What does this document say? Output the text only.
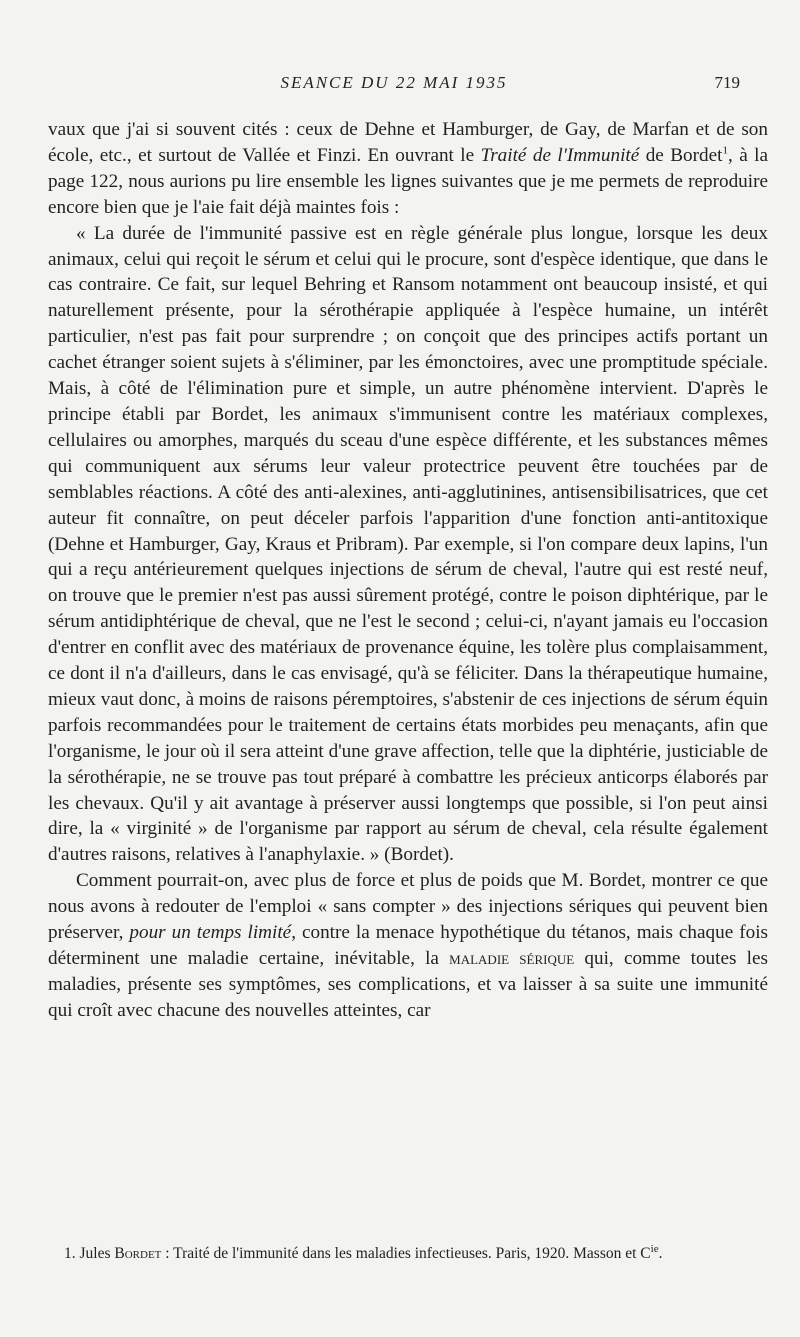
SEANCE DU 22 MAI 1935	719

vaux que j'ai si souvent cités : ceux de Dehne et Hamburger, de Gay, de Marfan et de son école, etc., et surtout de Vallée et Finzi. En ouvrant le Traité de l'Immunité de Bordet$^1$, à la page 122, nous aurions pu lire ensemble les lignes suivantes que je me permets de reproduire encore bien que je l'aie fait déjà maintes fois :

« La durée de l'immunité passive est en règle générale plus longue, lorsque les deux animaux, celui qui reçoit le sérum et celui qui le procure, sont d'espèce identique, que dans le cas contraire. Ce fait, sur lequel Behring et Ransom notamment ont beaucoup insisté, et qui naturellement présente, pour la sérothérapie appliquée à l'espèce humaine, un intérêt particulier, n'est pas fait pour surprendre ; on conçoit que des principes actifs portant un cachet étranger soient sujets à s'éliminer, par les émonctoires, avec une promptitude spéciale. Mais, à côté de l'élimination pure et simple, un autre phénomène intervient. D'après le principe établi par Bordet, les animaux s'immunisent contre les matériaux complexes, cellulaires ou amorphes, marqués du sceau d'une espèce différente, et les substances mêmes qui communiquent aux sérums leur valeur protectrice peuvent être touchées par de semblables réactions. A côté des anti-alexines, anti-agglutinines, antisensibilisatrices, que cet auteur fit connaître, on peut déceler parfois l'apparition d'une fonction anti-antitoxique (Dehne et Hamburger, Gay, Kraus et Pribram). Par exemple, si l'on compare deux lapins, l'un qui a reçu antérieurement quelques injections de sérum de cheval, l'autre qui est resté neuf, on trouve que le premier n'est pas aussi sûrement protégé, contre le poison diphtérique, par le sérum antidiphtérique de cheval, que ne l'est le second ; celui-ci, n'ayant jamais eu l'occasion d'entrer en conflit avec des matériaux de provenance équine, les tolère plus complaisamment, ce dont il n'a d'ailleurs, dans le cas envisagé, qu'à se féliciter. Dans la thérapeutique humaine, mieux vaut donc, à moins de raisons péremptoires, s'abstenir de ces injections de sérum équin parfois recommandées pour le traitement de certains états morbides peu menaçants, afin que l'organisme, le jour où il sera atteint d'une grave affection, telle que la diphtérie, justiciable de la sérothérapie, ne se trouve pas tout préparé à combattre les précieux anticorps élaborés par les chevaux. Qu'il y ait avantage à préserver aussi longtemps que possible, si l'on peut ainsi dire, la « virginité » de l'organisme par rapport au sérum de cheval, cela résulte également d'autres raisons, relatives à l'anaphylaxie. » (Bordet).

Comment pourrait-on, avec plus de force et plus de poids que M. Bordet, montrer ce que nous avons à redouter de l'emploi « sans compter » des injections sériques qui peuvent bien préserver, pour un temps limité, contre la menace hypothétique du tétanos, mais chaque fois déterminent une maladie certaine, inévitable, la maladie sérique qui, comme toutes les maladies, présente ses symptômes, ses complications, et va laisser à sa suite une immunité qui croît avec chacune des nouvelles atteintes, car

1. Jules Bordet : Traité de l'immunité dans les maladies infectieuses. Paris, 1920. Masson et $C^{ie}$.
